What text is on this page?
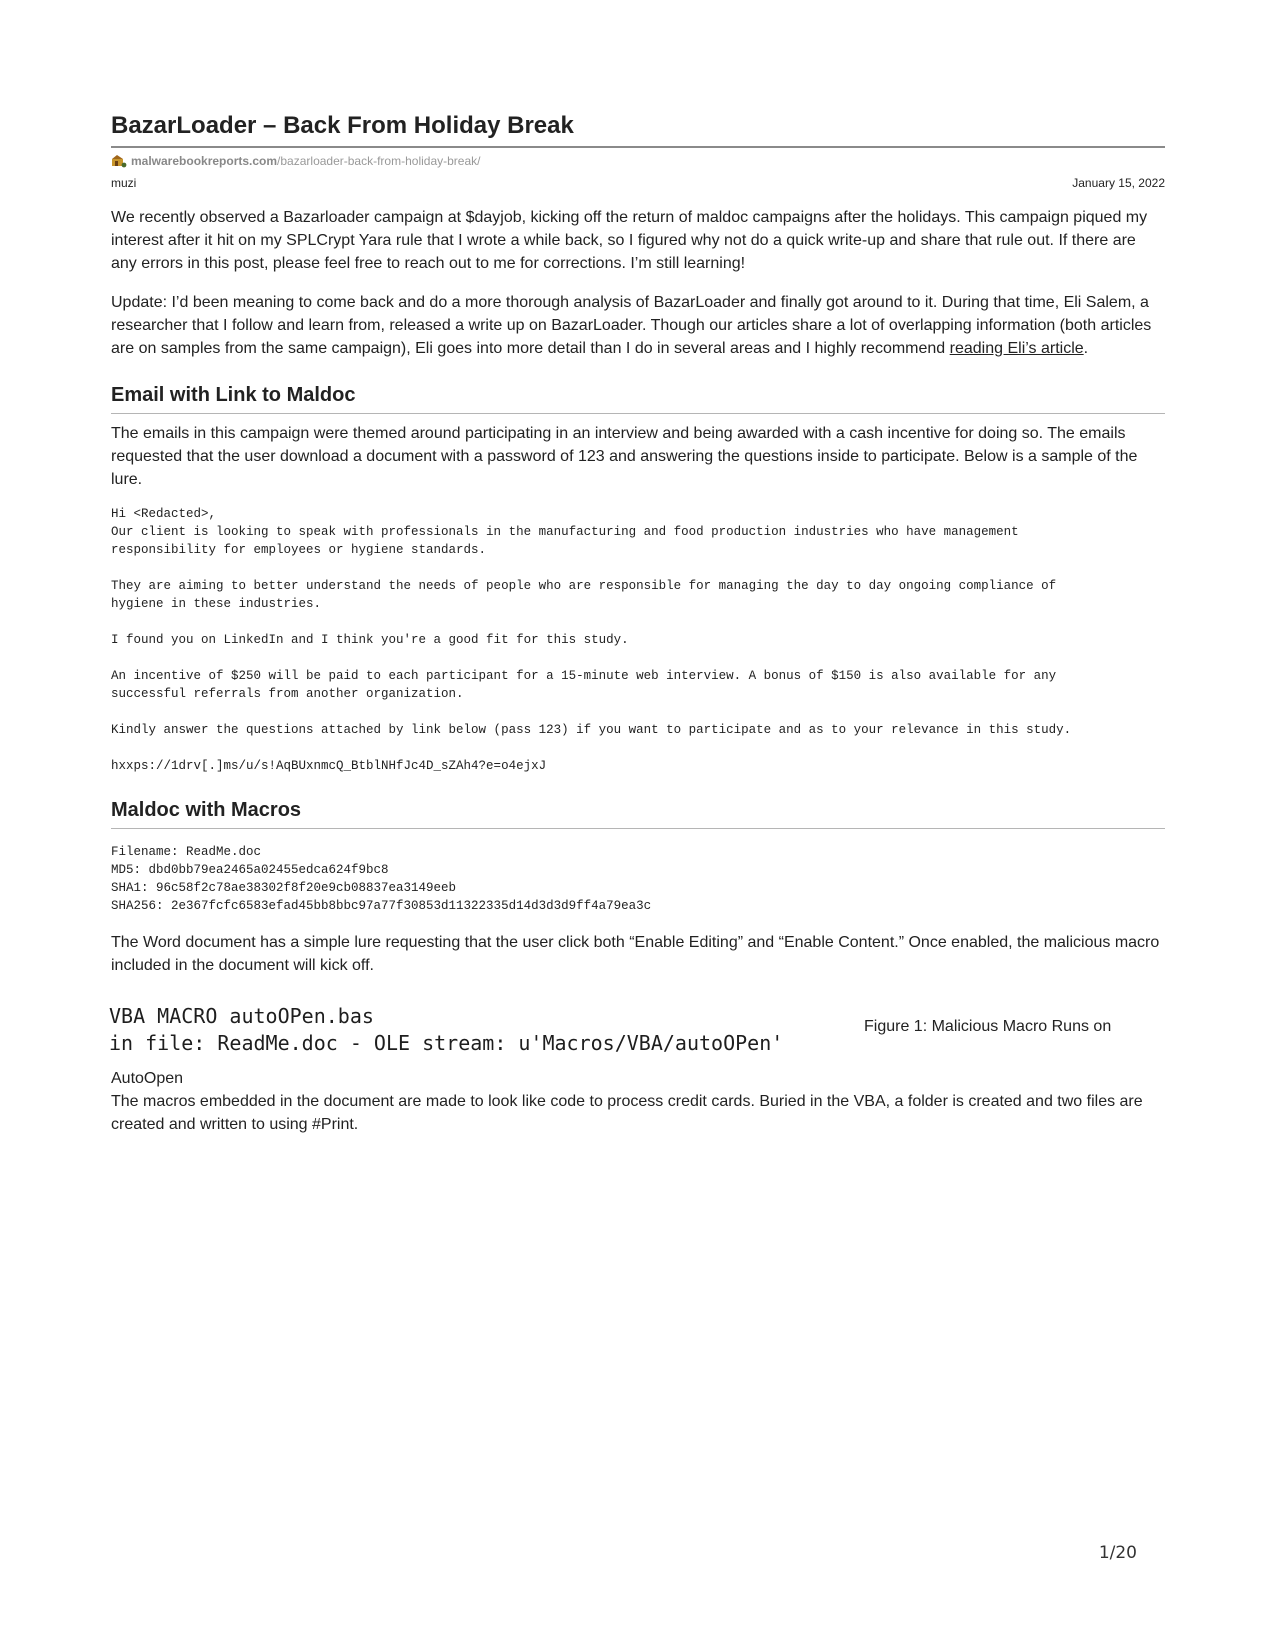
BazarLoader – Back From Holiday Break
malwarebookreports.com/bazarloader-back-from-holiday-break/
muzi	January 15, 2022

We recently observed a Bazarloader campaign at $dayjob, kicking off the return of maldoc campaigns after the holidays. This campaign piqued my interest after it hit on my SPLCrypt Yara rule that I wrote a while back, so I figured why not do a quick write-up and share that rule out. If there are any errors in this post, please feel free to reach out to me for corrections. I’m still learning!

Update: I’d been meaning to come back and do a more thorough analysis of BazarLoader and finally got around to it. During that time, Eli Salem, a researcher that I follow and learn from, released a write up on BazarLoader. Though our articles share a lot of overlapping information (both articles are on samples from the same campaign), Eli goes into more detail than I do in several areas and I highly recommend reading Eli’s article.

Email with Link to Maldoc

The emails in this campaign were themed around participating in an interview and being awarded with a cash incentive for doing so. The emails requested that the user download a document with a password of 123 and answering the questions inside to participate. Below is a sample of the lure.

Hi <Redacted>,
Our client is looking to speak with professionals in the manufacturing and food production industries who have management
responsibility for employees or hygiene standards.

They are aiming to better understand the needs of people who are responsible for managing the day to day ongoing compliance of
hygiene in these industries.

I found you on LinkedIn and I think you're a good fit for this study.

An incentive of $250 will be paid to each participant for a 15-minute web interview. A bonus of $150 is also available for any
successful referrals from another organization.

Kindly answer the questions attached by link below (pass 123) if you want to participate and as to your relevance in this study.

hxxps://1drv[.]ms/u/s!AqBUxnmcQ_BtblNHfJc4D_sZAh4?e=o4ejxJ
Maldoc with Macros
Filename: ReadMe.doc
MD5: dbd0bb79ea2465a02455edca624f9bc8
SHA1: 96c58f2c78ae38302f8f20e9cb08837ea3149eeb
SHA256: 2e367fcfc6583efad45bb8bbc97a77f30853d11322335d14d3d3d9ff4a79ea3c

The Word document has a simple lure requesting that the user click both “Enable Editing” and “Enable Content.” Once enabled, the malicious macro included in the document will kick off.

VBA MACRO autoOPen.bas
in file: ReadMe.doc - OLE stream: u'Macros/VBA/autoOPen'
Figure 1: Malicious Macro Runs on
AutoOpen

The macros embedded in the document are made to look like code to process credit cards. Buried in the VBA, a folder is created and two files are created and written to using #Print.

1/20
